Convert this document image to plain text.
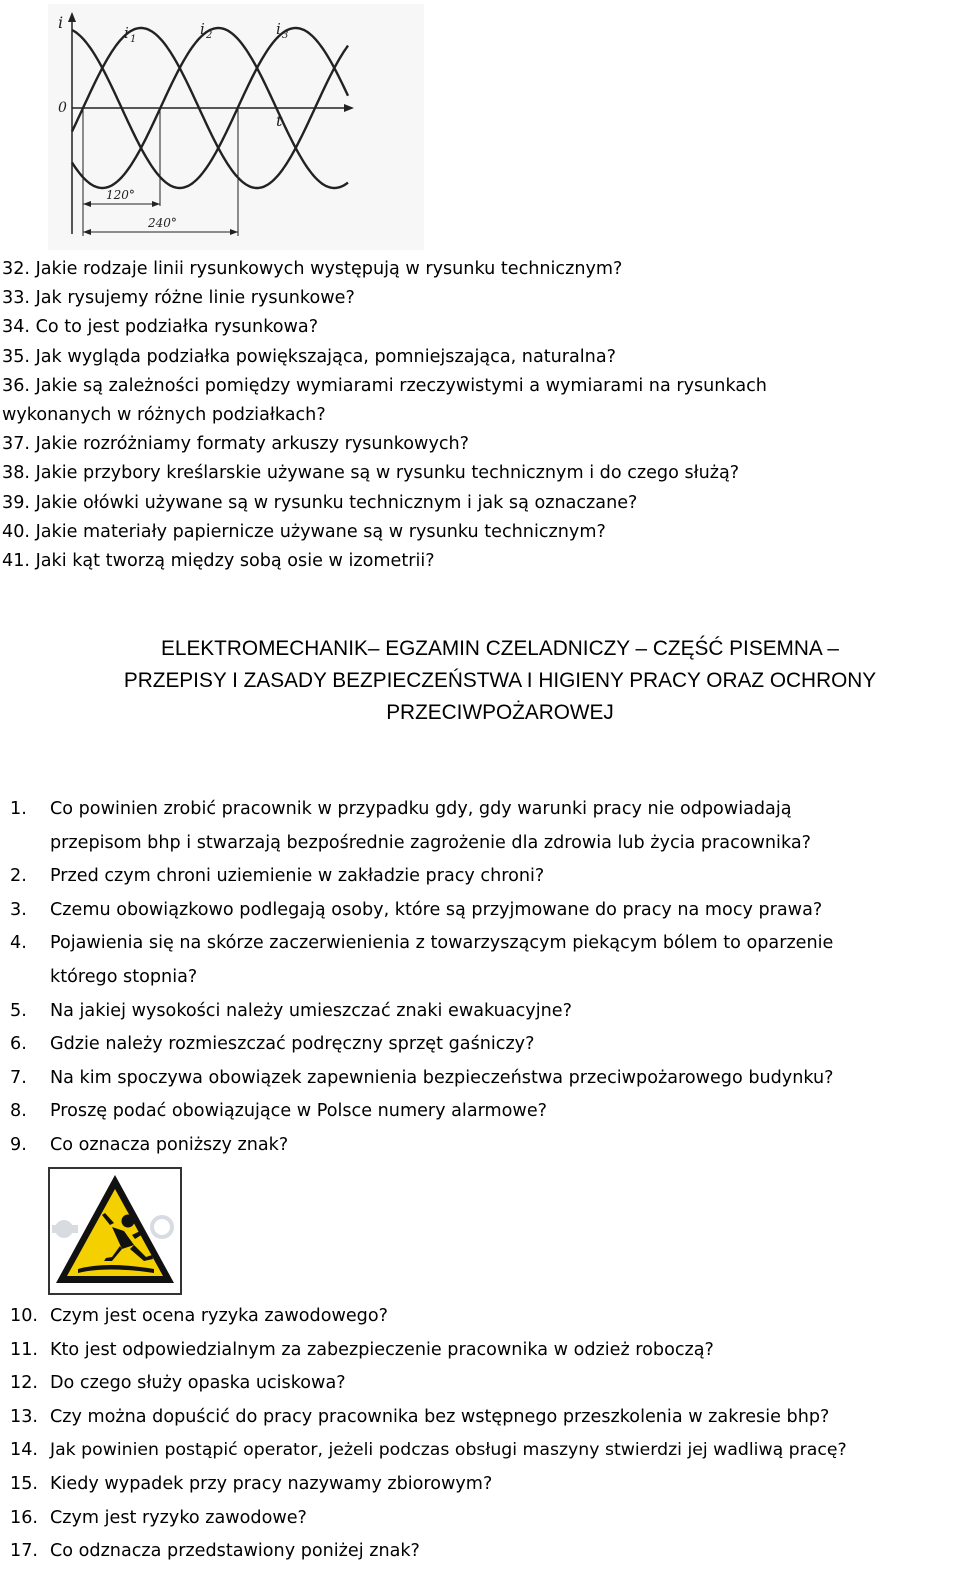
i
i 1
i 2	i 3
0
t
120°
240°
32. Jakie rodzaje linii rysunkowych występują w rysunku technicznym?
33. Jak rysujemy różne linie rysunkowe?
34. Co to jest podziałka rysunkowa?
35. Jak wygląda podziałka powiększająca, pomniejszająca, naturalna?
36. Jakie są zależności pomiędzy wymiarami rzeczywistymi a wymiarami na rysunkach
wykonanych w różnych podziałkach?
37. Jakie rozróżniamy formaty arkuszy rysunkowych?
38. Jakie przybory kreślarskie używane są w rysunku technicznym i do czego służą?
39. Jakie ołówki używane są w rysunku technicznym i jak są oznaczane?
40. Jakie materiały papiernicze używane są w rysunku technicznym?
41. Jaki kąt tworzą między sobą osie w izometrii?
ELEKTROMECHANIK– EGZAMIN CZELADNICZY – CZĘŚĆ PISEMNA –
PRZEPISY I ZASADY BEZPIECZEŃSTWA I HIGIENY PRACY ORAZ OCHRONY
PRZECIWPOŻAROWEJ
1.	Co powinien zrobić pracownik w przypadku gdy, gdy warunki pracy nie odpowiadają
przepisom bhp i stwarzają bezpośrednie zagrożenie dla zdrowia lub życia pracownika?
2.	Przed czym chroni uziemienie w zakładzie pracy chroni?
3.	Czemu obowiązkowo podlegają osoby, które są przyjmowane do pracy na mocy prawa?
4.	Pojawienia się na skórze zaczerwienienia z towarzyszącym piekącym bólem to oparzenie
którego stopnia?
5.	Na jakiej wysokości należy umieszczać znaki ewakuacyjne?
6.	Gdzie należy rozmieszczać podręczny sprzęt gaśniczy?
7.	Na kim spoczywa obowiązek zapewnienia bezpieczeństwa przeciwpożarowego budynku?
8.	Proszę podać obowiązujące w Polsce numery alarmowe?
9.	Co oznacza poniższy znak?
10. Czym jest ocena ryzyka zawodowego?
11. Kto jest odpowiedzialnym za zabezpieczenie pracownika w odzież roboczą?
12. Do czego służy opaska uciskowa?
13. Czy można dopuścić do pracy pracownika bez wstępnego przeszkolenia w zakresie bhp?
14. Jak powinien postąpić operator, jeżeli podczas obsługi maszyny stwierdzi jej wadliwą pracę?
15. Kiedy wypadek przy pracy nazywamy zbiorowym?
16. Czym jest ryzyko zawodowe?
17. Co odznacza przedstawiony poniżej znak?
